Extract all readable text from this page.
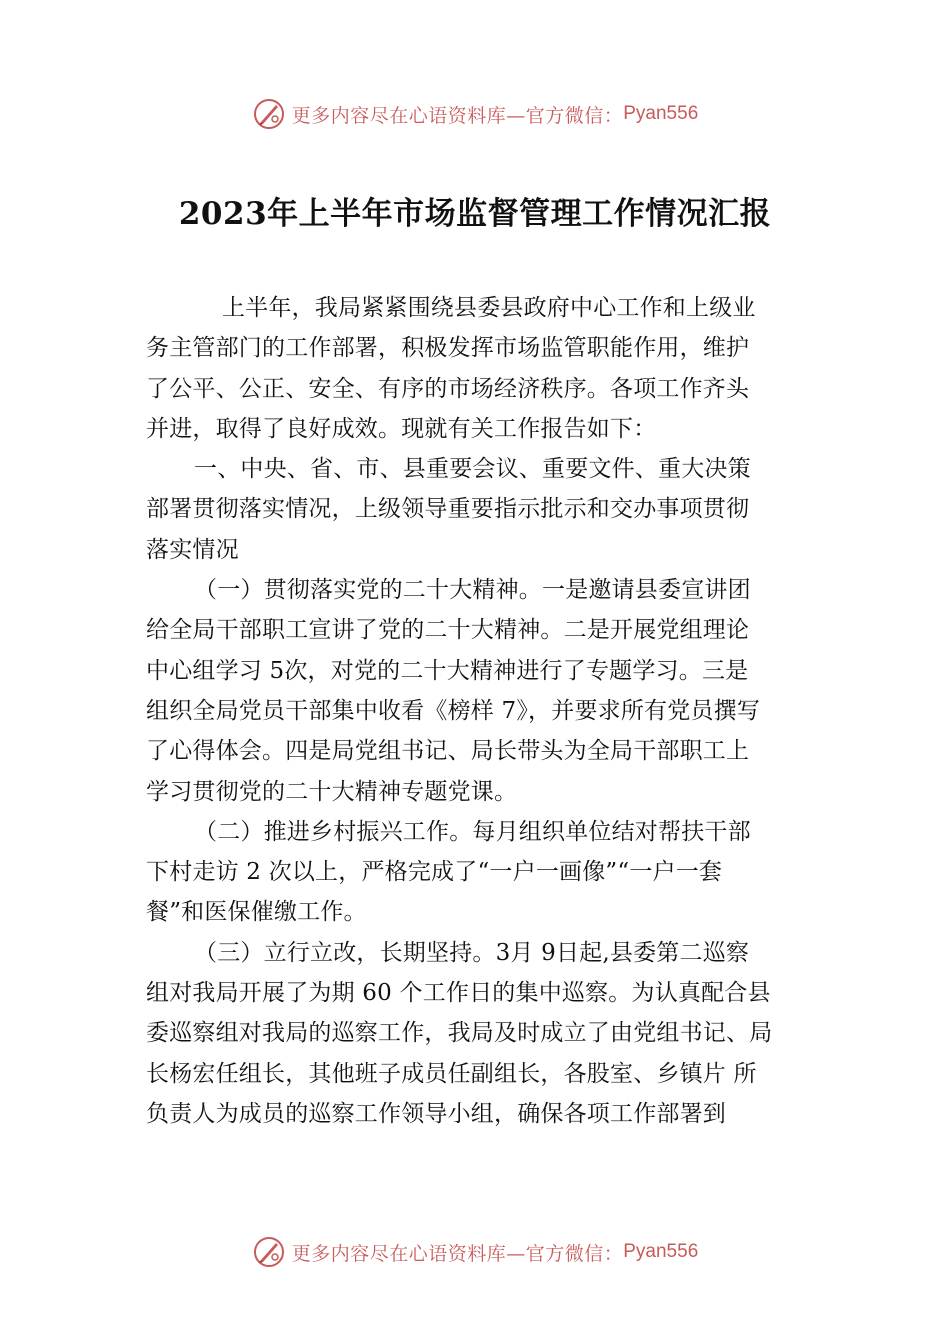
更多内容尽在心语资料库—官方微信： Pyan556
2023年上半年市场监督管理工作情况汇报
上半年，我局紧紧围绕县委县政府中心工作和上级业
务主管部门的工作部署，积极发挥市场监管职能作用，维护
了公平、公正、安全、有序的市场经济秩序。各项工作齐头
并进，取得了良好成效。现就有关工作报告如下：
一、中央、省、市、县重要会议、重要文件、重大决策
部署贯彻落实情况，上级领导重要指示批示和交办事项贯彻
落实情况
（一）贯彻落实党的二十大精神。一是邀请县委宣讲团
给全局干部职工宣讲了党的二十大精神。二是开展党组理论
中心组学习 5次，对党的二十大精神进行了专题学习。三是
组织全局党员干部集中收看《榜样 7》，并要求所有党员撰写
了心得体会。四是局党组书记、局长带头为全局干部职工上
学习贯彻党的二十大精神专题党课。
（二）推进乡村振兴工作。每月组织单位结对帮扶干部
下村走访 2 次以上，严格完成了“一户一画像”“一户一套
餐”和医保催缴工作。
（三）立行立改，长期坚持。3月 9日起,县委第二巡察
组对我局开展了为期 60 个工作日的集中巡察。为认真配合县
委巡察组对我局的巡察工作，我局及时成立了由党组书记、局
长杨宏任组长，其他班子成员任副组长，各股室、乡镇片 所
负责人为成员的巡察工作领导小组，确保各项工作部署到
更多内容尽在心语资料库—官方微信： Pyan556
